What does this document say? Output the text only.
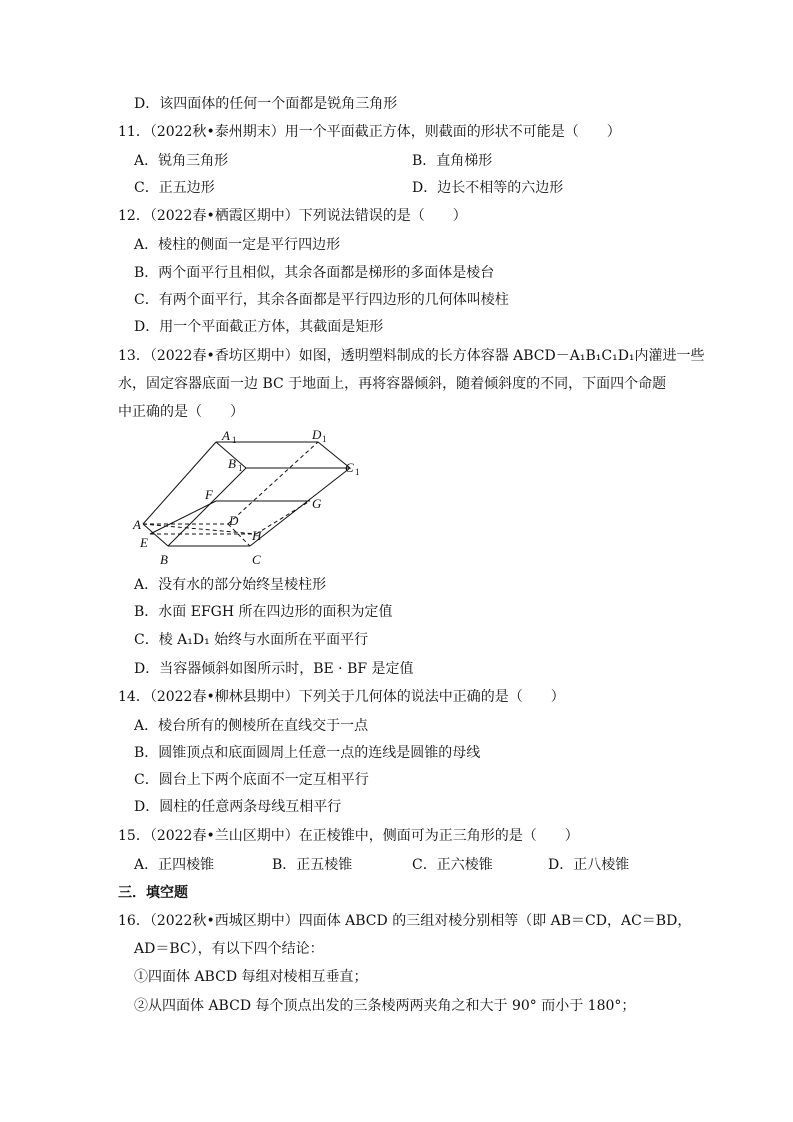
D．该四面体的任何一个面都是锐角三角形
11．（2022秋•泰州期末）用一个平面截正方体，则截面的形状不可能是（　　）
A．锐角三角形	B．直角梯形
C．正五边形	D．边长不相等的六边形
12．（2022春•栖霞区期中）下列说法错误的是（　　）
A．棱柱的侧面一定是平行四边形
B．两个面平行且相似，其余各面都是梯形的多面体是棱台
C．有两个面平行，其余各面都是平行四边形的几何体叫棱柱
D．用一个平面截正方体，其截面是矩形
13．（2022春•香坊区期中）如图，透明塑料制成的长方体容器 ABCD－A₁B₁C₁D₁内灌进一些
水，固定容器底面一边 BC 于地面上，再将容器倾斜，随着倾斜度的不同，下面四个命题
中正确的是（　　）
A 1	D 1
B 1	C 1
F
G
D
A
E	H
B	C
A．没有水的部分始终呈棱柱形
B．水面 EFGH 所在四边形的面积为定值
C．棱 A₁D₁ 始终与水面所在平面平行
D．当容器倾斜如图所示时，BE · BF 是定值
14．（2022春•柳林县期中）下列关于几何体的说法中正确的是（　　）
A．棱台所有的侧棱所在直线交于一点
B．圆锥顶点和底面圆周上任意一点的连线是圆锥的母线
C．圆台上下两个底面不一定互相平行
D．圆柱的任意两条母线互相平行
15．（2022春•兰山区期中）在正棱锥中，侧面可为正三角形的是（　　）
A．正四棱锥	B．正五棱锥	C．正六棱锥	D．正八棱锥
三．填空题
16．（2022秋•西城区期中）四面体 ABCD 的三组对棱分别相等（即 AB＝CD，AC＝BD，
AD＝BC），有以下四个结论：
①四面体 ABCD 每组对棱相互垂直；
②从四面体 ABCD 每个顶点出发的三条棱两两夹角之和大于 90° 而小于 180°；
